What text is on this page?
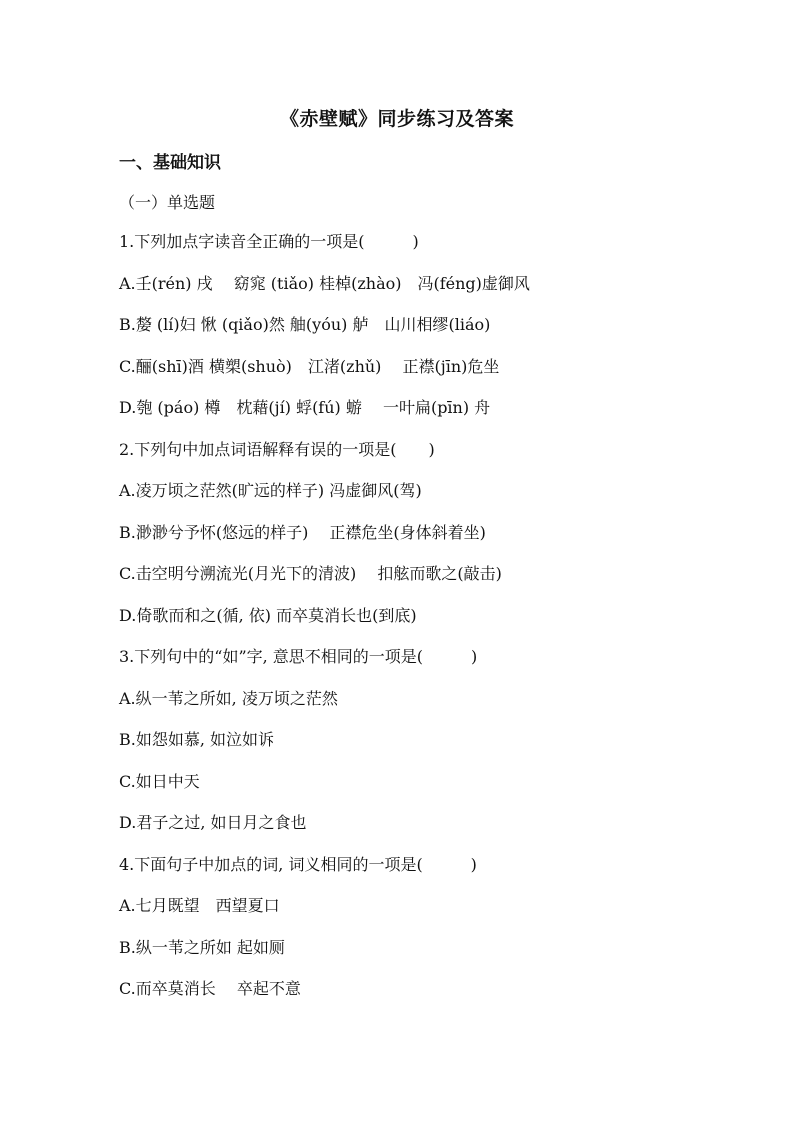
《赤壁赋》同步练习及答案
一、基础知识
（一）单选题
1.下列加点字读音全正确的一项是(　　　)
A.壬(rén) 戌　 窈窕 (tiǎo) 桂棹(zhào)　冯(féng)虚御风
B.嫠 (lí)妇 愀 (qiǎo)然 舳(yóu) 舻　山川相缪(liáo)
C.酾(shī)酒 横槊(shuò)　江渚(zhǔ)　 正襟(jīn)危坐
D.匏 (páo) 樽　枕藉(jí) 蜉(fú) 蝣　 一叶扁(pīn) 舟
2.下列句中加点词语解释有误的一项是(　　)
A.凌万顷之茫然(旷远的样子) 冯虚御风(驾)
B.渺渺兮予怀(悠远的样子)　 正襟危坐(身体斜着坐)
C.击空明兮溯流光(月光下的清波)　 扣舷而歌之(敲击)
D.倚歌而和之(循, 依) 而卒莫消长也(到底)
3.下列句中的“如”字, 意思不相同的一项是(　　　)
A.纵一苇之所如, 凌万顷之茫然
B.如怨如慕, 如泣如诉
C.如日中天
D.君子之过, 如日月之食也
4.下面句子中加点的词, 词义相同的一项是(　　　)
A.七月既望　西望夏口
B.纵一苇之所如 起如厕
C.而卒莫消长　 卒起不意
